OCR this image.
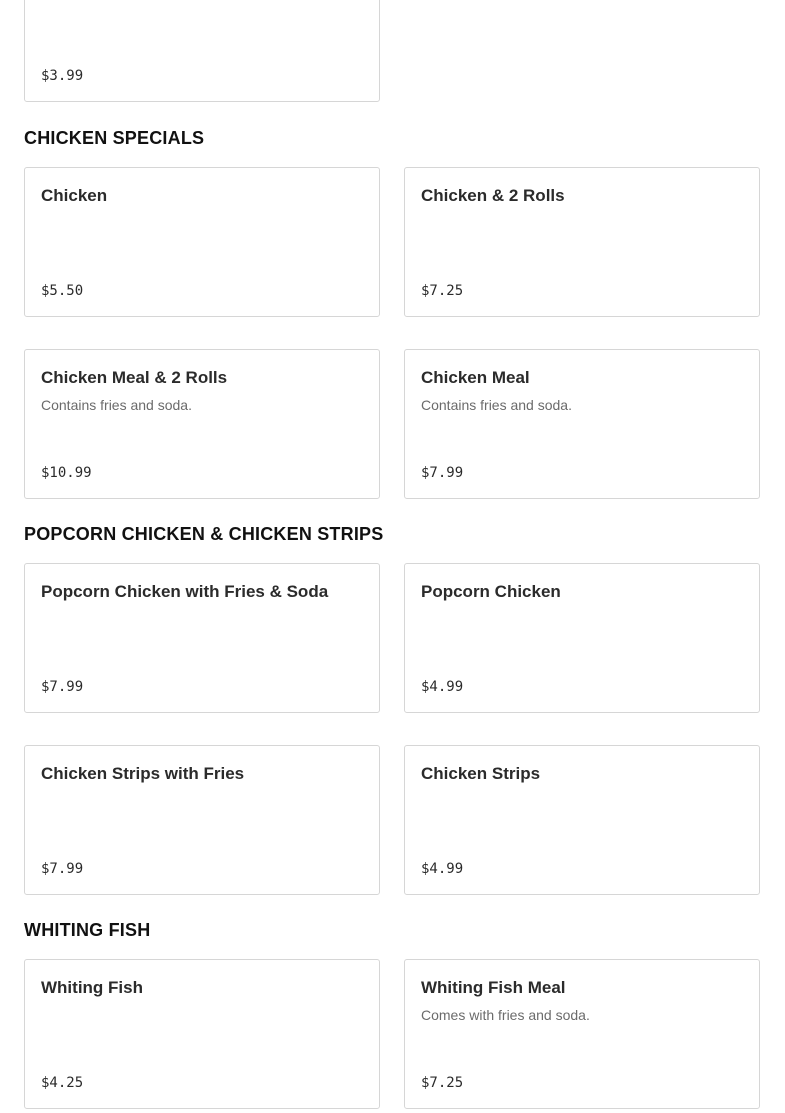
$3.99
CHICKEN SPECIALS
Chicken
$5.50
Chicken & 2 Rolls
$7.25
Chicken Meal & 2 Rolls
Contains fries and soda.
$10.99
Chicken Meal
Contains fries and soda.
$7.99
POPCORN CHICKEN & CHICKEN STRIPS
Popcorn Chicken with Fries & Soda
$7.99
Popcorn Chicken
$4.99
Chicken Strips with Fries
$7.99
Chicken Strips
$4.99
WHITING FISH
Whiting Fish
$4.25
Whiting Fish Meal
Comes with fries and soda.
$7.25
